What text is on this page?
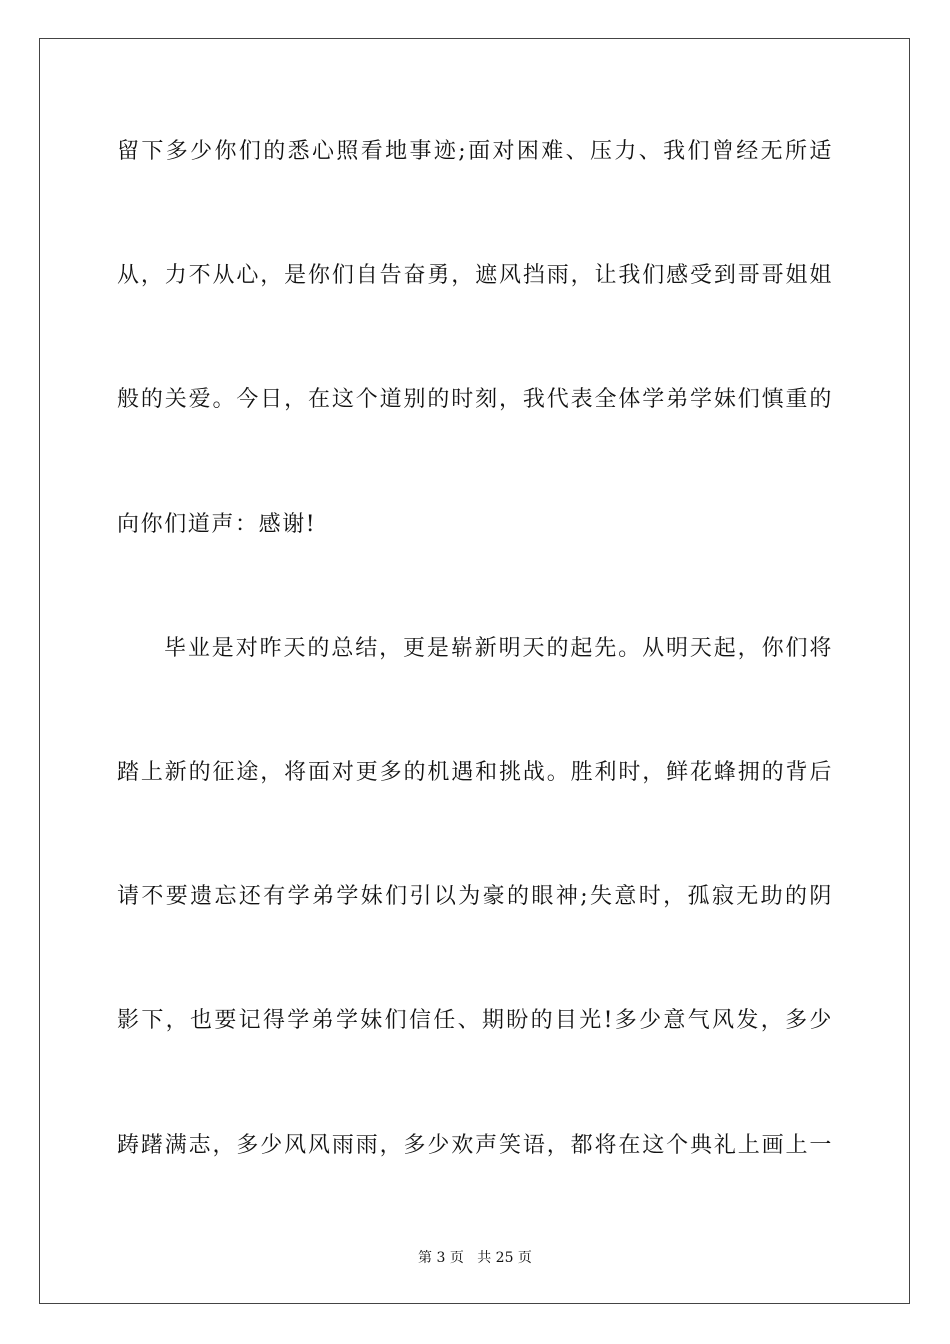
留下多少你们的悉心照看地事迹;面对困难、压力、我们曾经无所适
从，力不从心，是你们自告奋勇，遮风挡雨，让我们感受到哥哥姐姐
般的关爱。今日，在这个道别的时刻，我代表全体学弟学妹们慎重的
向你们道声：感谢!
毕业是对昨天的总结，更是崭新明天的起先。从明天起，你们将
踏上新的征途，将面对更多的机遇和挑战。胜利时，鲜花蜂拥的背后
请不要遗忘还有学弟学妹们引以为豪的眼神;失意时，孤寂无助的阴
影下，也要记得学弟学妹们信任、期盼的目光!多少意气风发，多少
踌躇满志，多少风风雨雨，多少欢声笑语，都将在这个典礼上画上一
第 3 页 共 25 页
